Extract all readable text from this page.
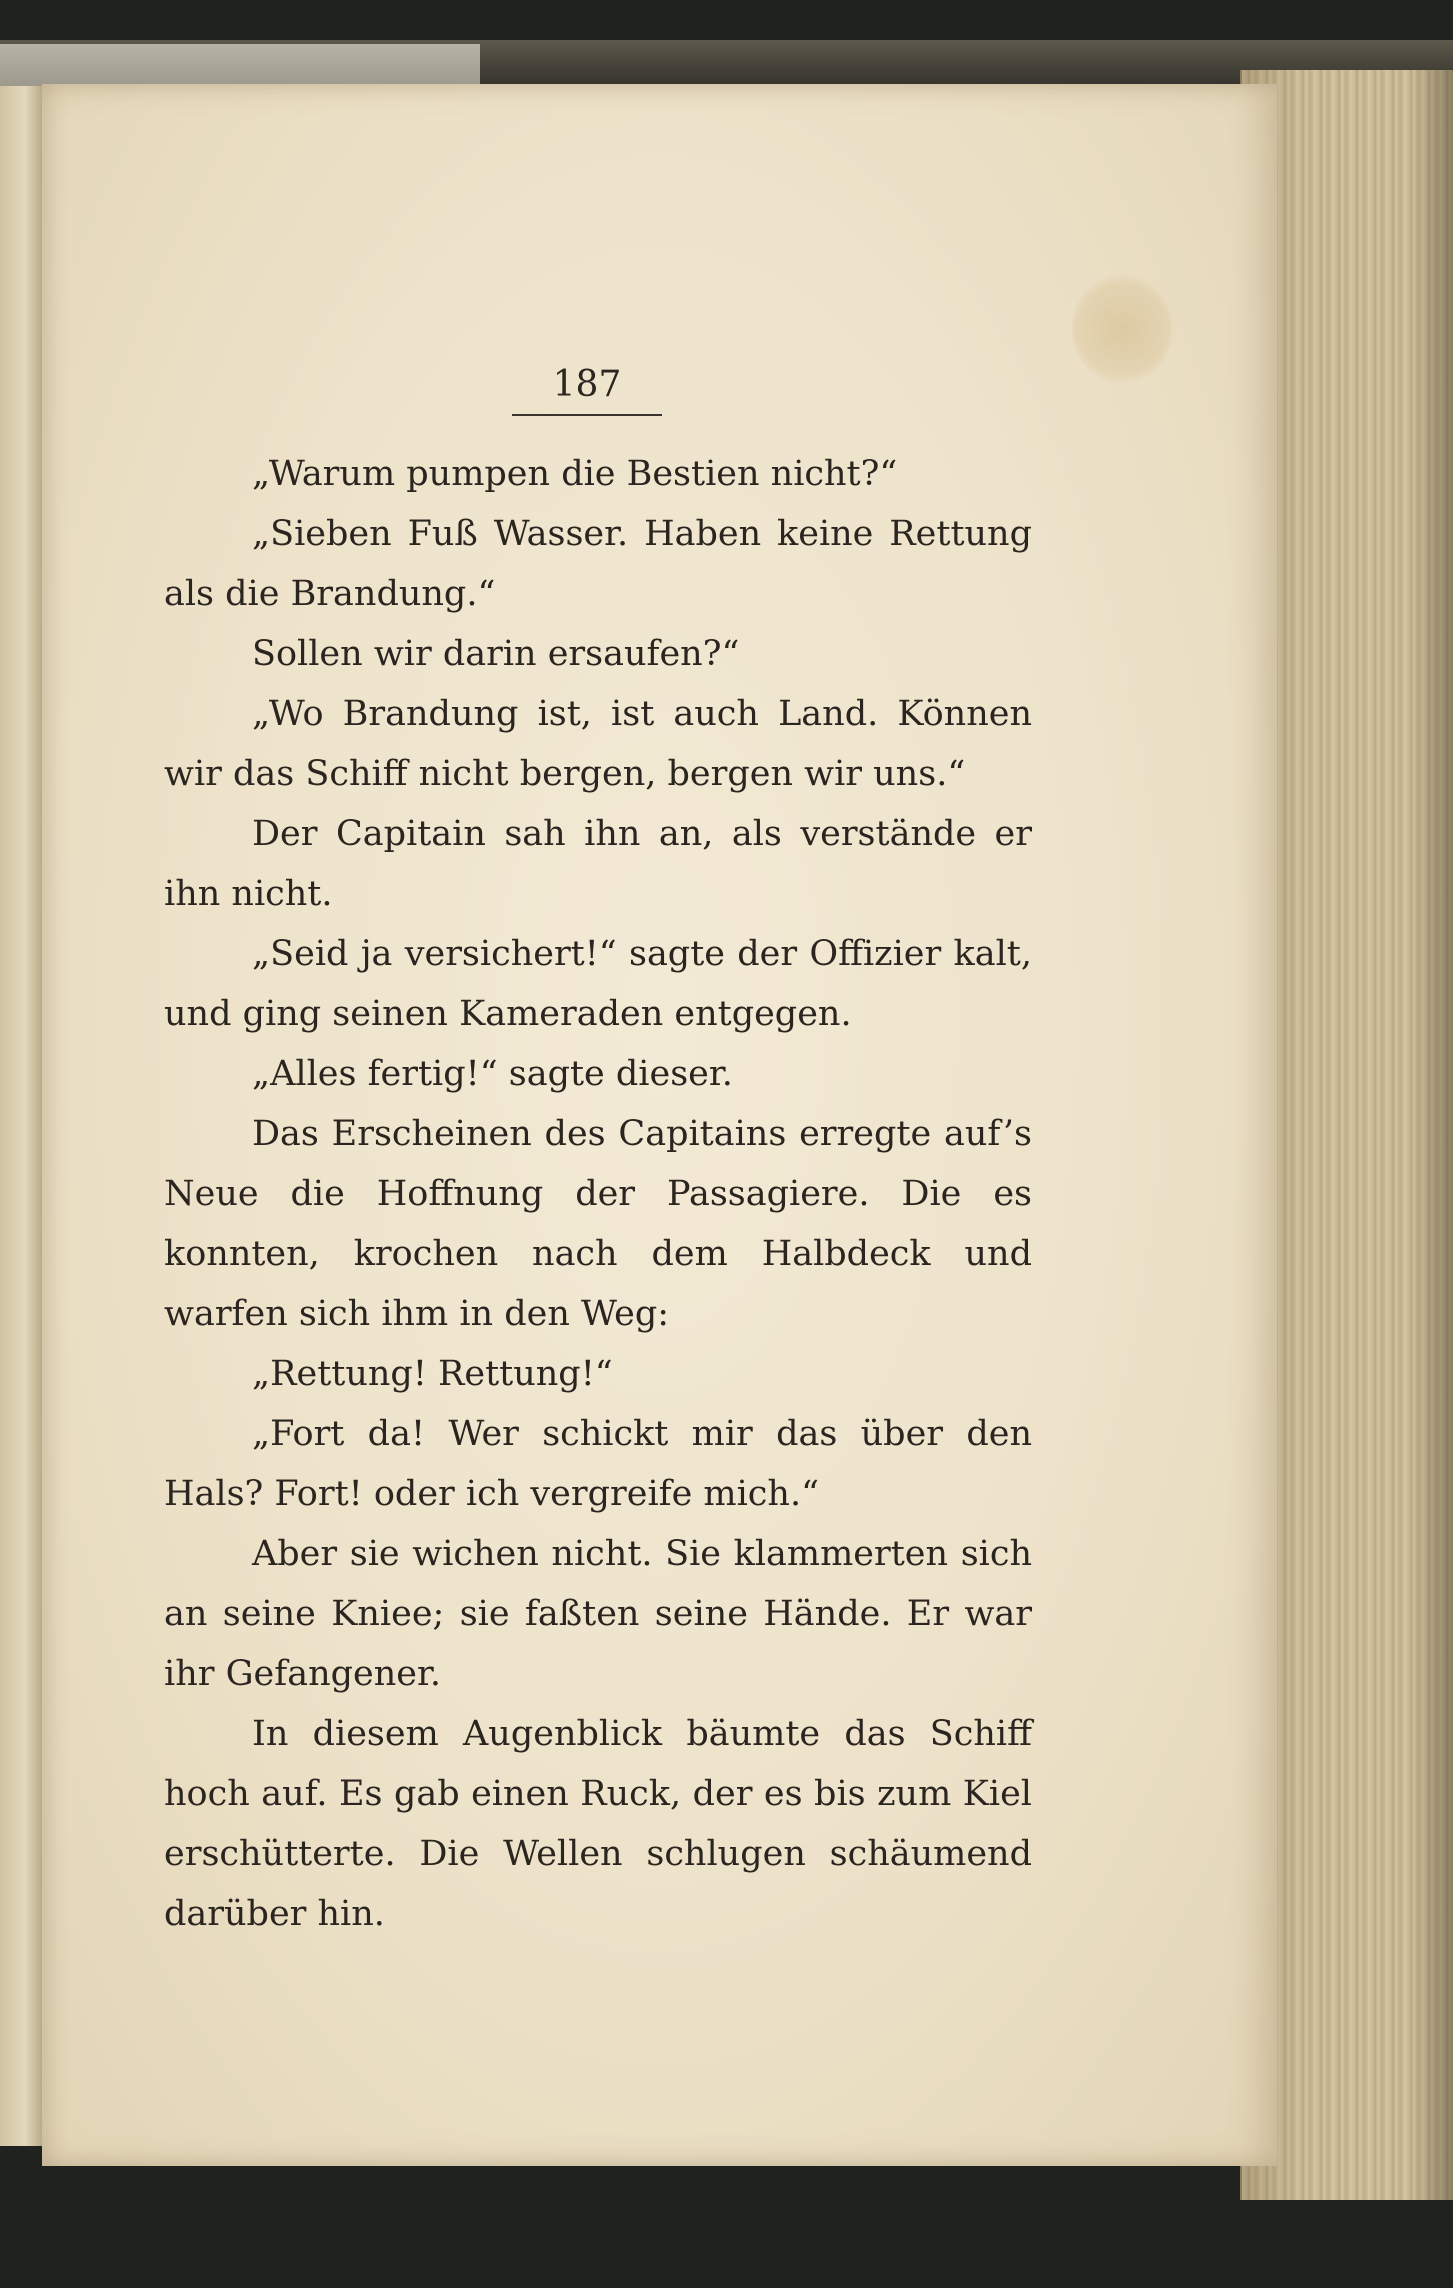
187

„Warum pumpen die Bestien nicht?“

„Sieben Fuß Wasser. Haben keine Rettung als die Brandung.“

Sollen wir darin ersaufen?“

„Wo Brandung ist, ist auch Land. Können wir das Schiff nicht bergen, bergen wir uns.“

Der Capitain sah ihn an, als verstände er ihn nicht.

„Seid ja versichert!“ sagte der Offizier kalt, und ging seinen Kameraden entgegen.

„Alles fertig!“ sagte dieser.

Das Erscheinen des Capitains erregte auf’s Neue die Hoffnung der Passagiere. Die es konnten, krochen nach dem Halbdeck und warfen sich ihm in den Weg:

„Rettung! Rettung!“

„Fort da! Wer schickt mir das über den Hals? Fort! oder ich vergreife mich.“

Aber sie wichen nicht. Sie klammerten sich an seine Kniee; sie faßten seine Hände. Er war ihr Gefangener.

In diesem Augenblick bäumte das Schiff hoch auf. Es gab einen Ruck, der es bis zum Kiel erschütterte. Die Wellen schlugen schäumend darüber hin.
